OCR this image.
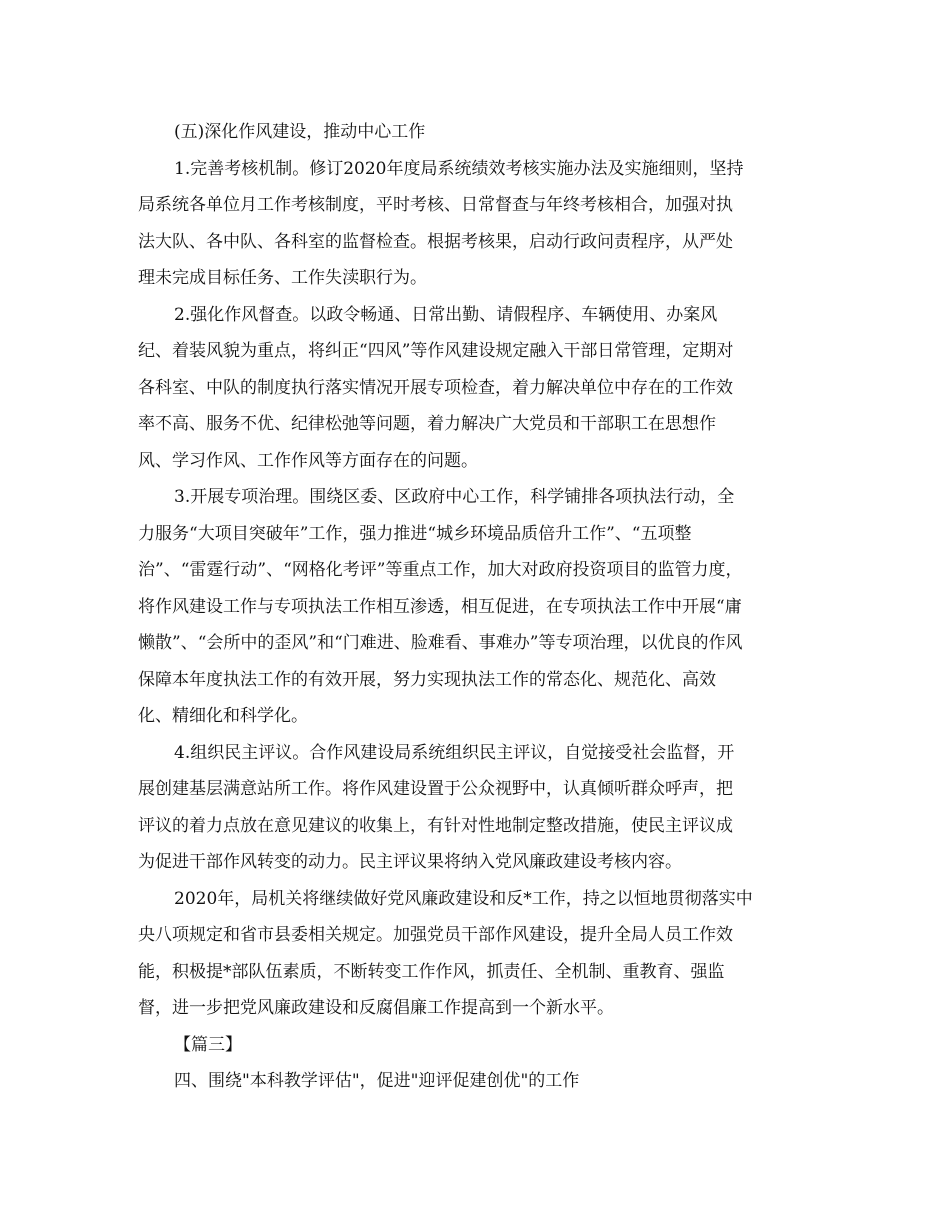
(五)深化作风建设，推动中心工作
1.完善考核机制。修订2020年度局系统绩效考核实施办法及实施细则，坚持
局系统各单位月工作考核制度，平时考核、日常督查与年终考核相合，加强对执
法大队、各中队、各科室的监督检查。根据考核果，启动行政问责程序，从严处
理未完成目标任务、工作失渎职行为。
2.强化作风督查。以政令畅通、日常出勤、请假程序、车辆使用、办案风
纪、着装风貌为重点，将纠正“四风”等作风建设规定融入干部日常管理，定期对
各科室、中队的制度执行落实情况开展专项检查，着力解决单位中存在的工作效
率不高、服务不优、纪律松弛等问题，着力解决广大党员和干部职工在思想作
风、学习作风、工作作风等方面存在的问题。
3.开展专项治理。围绕区委、区政府中心工作，科学铺排各项执法行动，全
力服务“大项目突破年”工作，强力推进“城乡环境品质倍升工作”、“五项整
治”、“雷霆行动”、“网格化考评”等重点工作，加大对政府投资项目的监管力度，
将作风建设工作与专项执法工作相互渗透，相互促进，在专项执法工作中开展“庸
懒散”、“会所中的歪风”和“门难进、脸难看、事难办”等专项治理，以优良的作风
保障本年度执法工作的有效开展，努力实现执法工作的常态化、规范化、高效
化、精细化和科学化。
4.组织民主评议。合作风建设局系统组织民主评议，自觉接受社会监督，开
展创建基层满意站所工作。将作风建设置于公众视野中，认真倾听群众呼声，把
评议的着力点放在意见建议的收集上，有针对性地制定整改措施，使民主评议成
为促进干部作风转变的动力。民主评议果将纳入党风廉政建设考核内容。
2020年，局机关将继续做好党风廉政建设和反*工作，持之以恒地贯彻落实中
央八项规定和省市县委相关规定。加强党员干部作风建设，提升全局人员工作效
能，积极提*部队伍素质，不断转变工作作风，抓责任、全机制、重教育、强监
督，进一步把党风廉政建设和反腐倡廉工作提高到一个新水平。
【篇三】
四、围绕"本科教学评估"，促进"迎评促建创优"的工作
